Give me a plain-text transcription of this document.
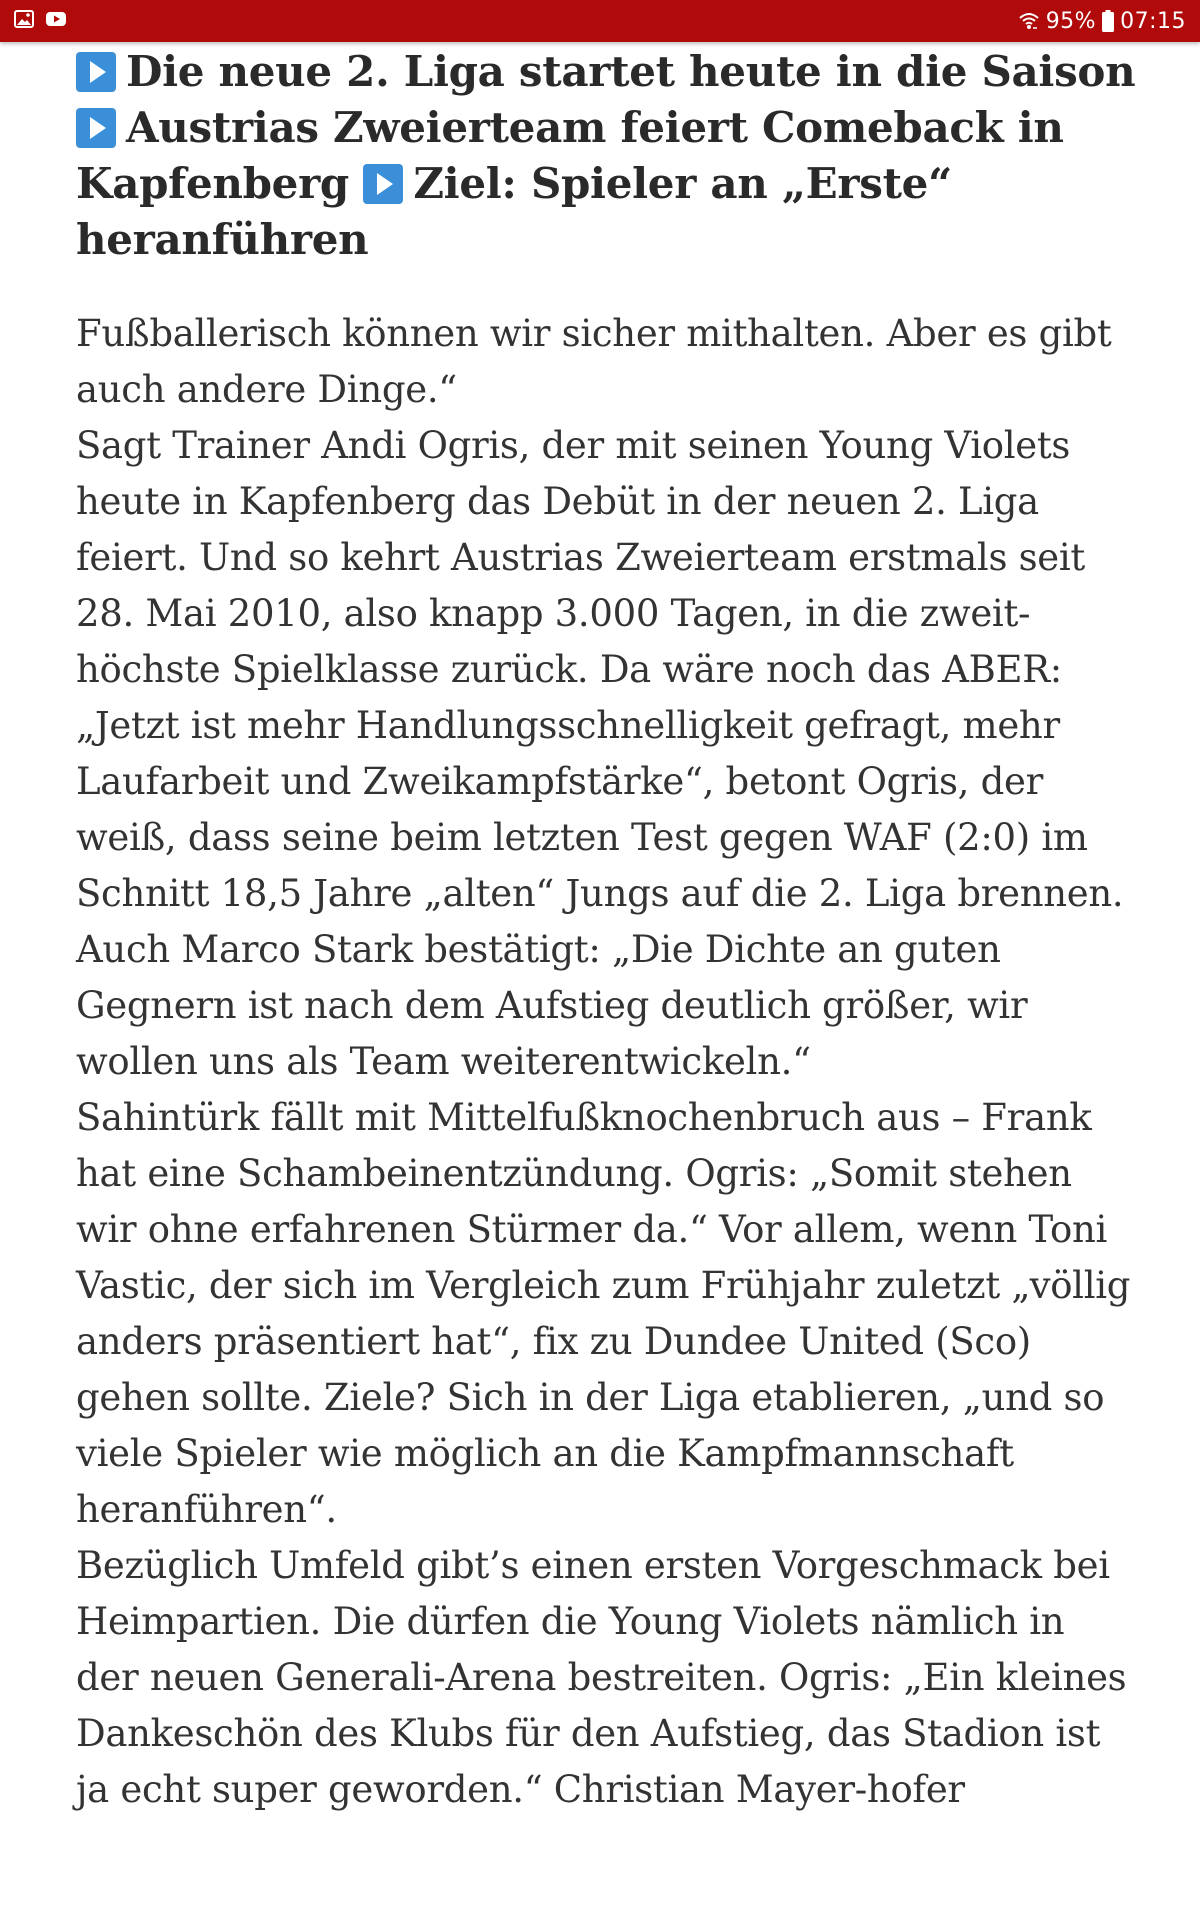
95% 07:15
Die neue 2. Liga startet heute in die Saison Austrias Zweierteam feiert Comeback in Kapfenberg Ziel: Spieler an „Erste“ heranführen

Fußballerisch können wir sicher mithalten. Aber es gibt auch andere Dinge.“

Sagt Trainer Andi Ogris, der mit seinen Young Violets heute in Kapfenberg das Debüt in der neuen 2. Liga feiert. Und so kehrt Austrias Zweierteam erstmals seit 28. Mai 2010, also knapp 3.000 Tagen, in die zweit-höchste Spielklasse zurück. Da wäre noch das ABER: „Jetzt ist mehr Handlungsschnelligkeit gefragt, mehr Laufarbeit und Zweikampfstärke“, betont Ogris, der weiß, dass seine beim letzten Test gegen WAF (2:0) im Schnitt 18,5 Jahre „alten“ Jungs auf die 2. Liga brennen. Auch Marco Stark bestätigt: „Die Dichte an guten Gegnern ist nach dem Aufstieg deutlich größer, wir wollen uns als Team weiterentwickeln.“

Sahintürk fällt mit Mittelfußknochenbruch aus – Frank hat eine Schambeinentzündung. Ogris: „Somit stehen wir ohne erfahrenen Stürmer da.“ Vor allem, wenn Toni Vastic, der sich im Vergleich zum Frühjahr zuletzt „völlig anders präsentiert hat“, fix zu Dundee United (Sco) gehen sollte. Ziele? Sich in der Liga etablieren, „und so viele Spieler wie möglich an die Kampfmannschaft heranführen“.

Bezüglich Umfeld gibt’s einen ersten Vorgeschmack bei Heimpartien. Die dürfen die Young Violets nämlich in der neuen Generali-Arena bestreiten. Ogris: „Ein kleines Dankeschön des Klubs für den Aufstieg, das Stadion ist ja echt super geworden.“ Christian Mayer-hofer
